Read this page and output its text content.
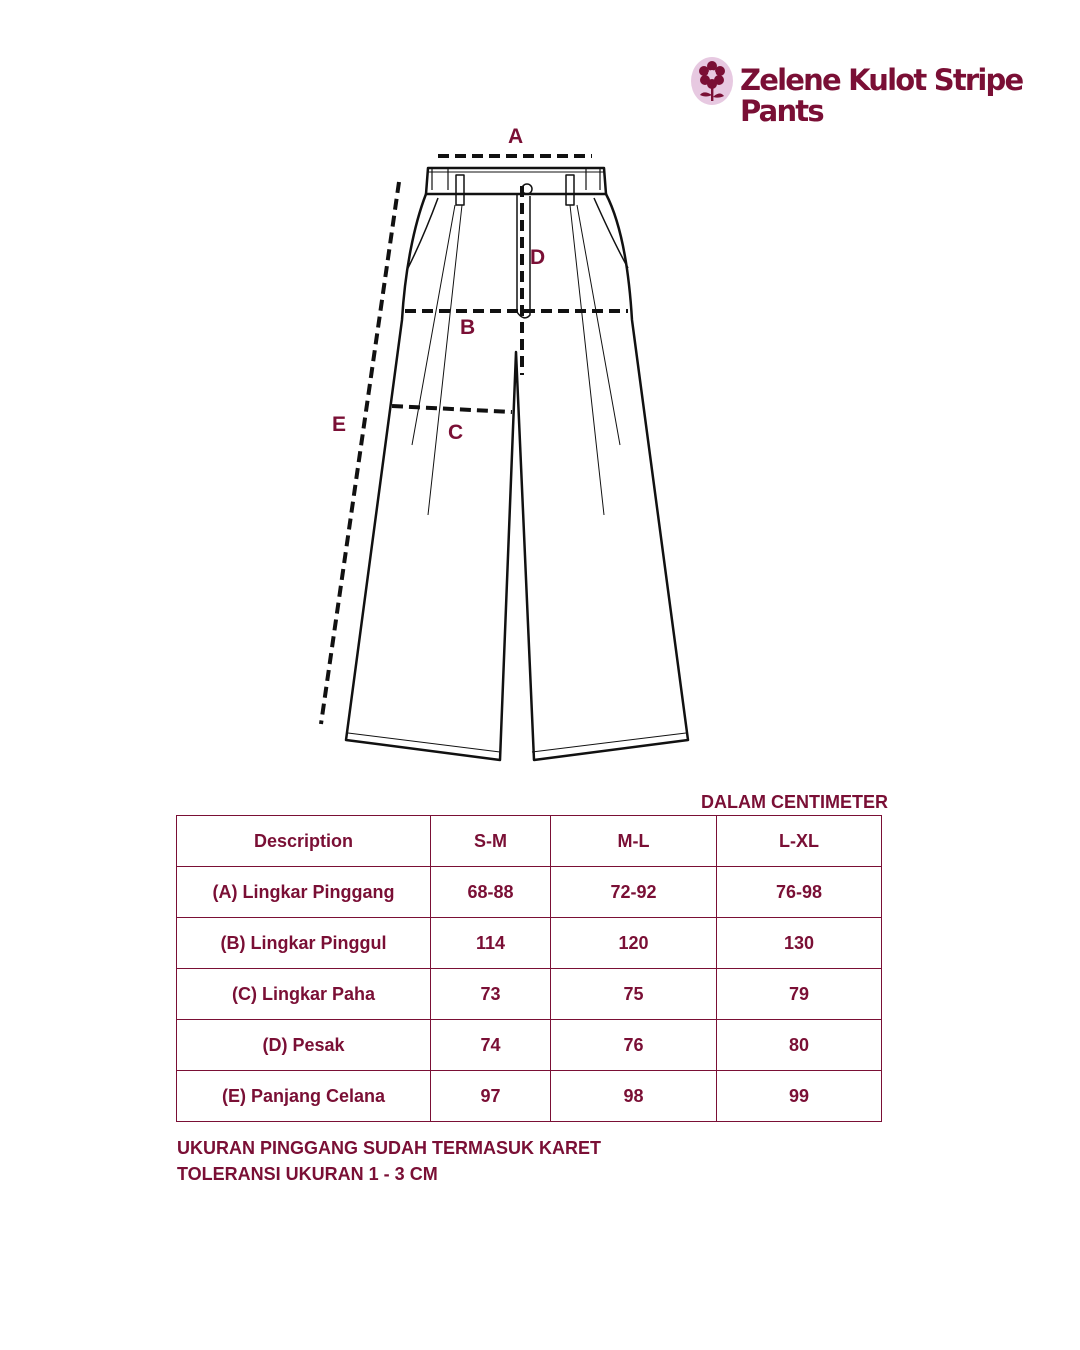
Zelene Kulot Stripe
Pants
A
D
B
C
E
DALAM CENTIMETER
Description	S-M	M-L	L-XL
(A) Lingkar Pinggang	68-88	72-92	76-98
(B) Lingkar Pinggul	114	120	130
(C) Lingkar Paha	73	75	79
(D) Pesak	74	76	80
(E) Panjang Celana	97	98	99
UKURAN PINGGANG SUDAH TERMASUK KARET
TOLERANSI UKURAN 1 - 3 CM
